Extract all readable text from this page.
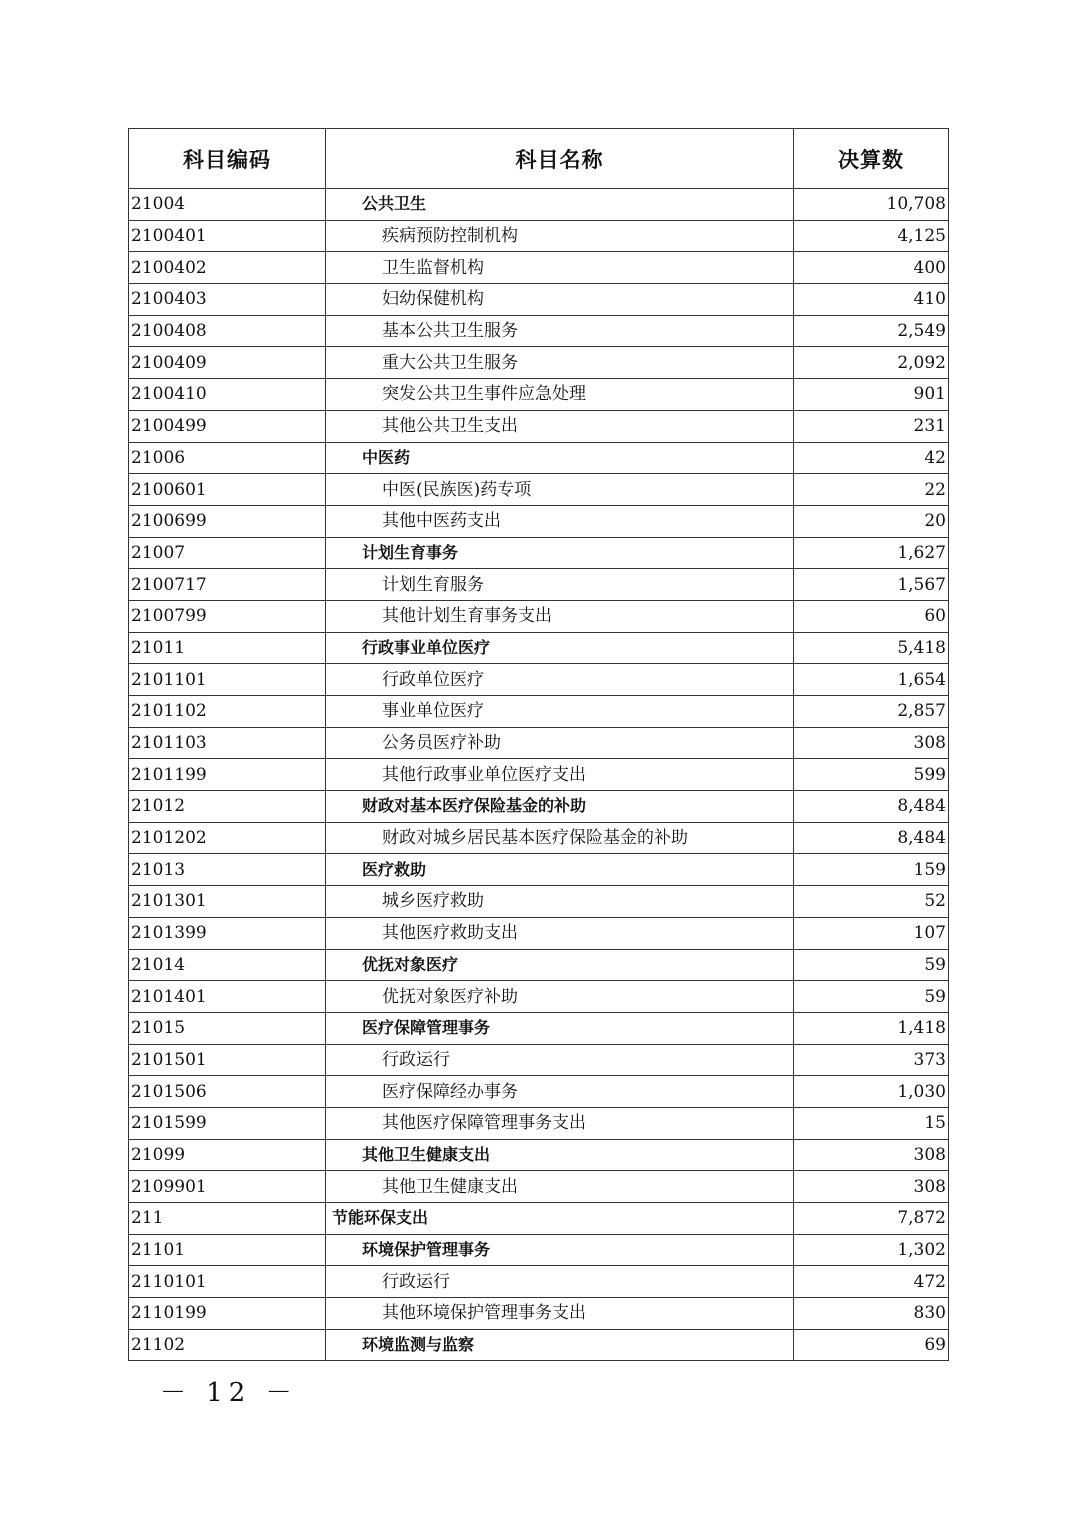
科目编码	科目名称	决算数
21004	公共卫生	10,708
2100401	疾病预防控制机构	4,125
2100402	卫生监督机构	400
2100403	妇幼保健机构	410
2100408	基本公共卫生服务	2,549
2100409	重大公共卫生服务	2,092
2100410	突发公共卫生事件应急处理	901
2100499	其他公共卫生支出	231
21006	中医药	42
2100601	中医(民族医)药专项	22
2100699	其他中医药支出	20
21007	计划生育事务	1,627
2100717	计划生育服务	1,567
2100799	其他计划生育事务支出	60
21011	行政事业单位医疗	5,418
2101101	行政单位医疗	1,654
2101102	事业单位医疗	2,857
2101103	公务员医疗补助	308
2101199	其他行政事业单位医疗支出	599
21012	财政对基本医疗保险基金的补助	8,484
2101202	财政对城乡居民基本医疗保险基金的补助	8,484
21013	医疗救助	159
2101301	城乡医疗救助	52
2101399	其他医疗救助支出	107
21014	优抚对象医疗	59
2101401	优抚对象医疗补助	59
21015	医疗保障管理事务	1,418
2101501	行政运行	373
2101506	医疗保障经办事务	1,030
2101599	其他医疗保障管理事务支出	15
21099	其他卫生健康支出	308
2109901	其他卫生健康支出	308
211	节能环保支出	7,872
21101	环境保护管理事务	1,302
2110101	行政运行	472
2110199	其他环境保护管理事务支出	830
21102	环境监测与监察	69
－ 12 －
